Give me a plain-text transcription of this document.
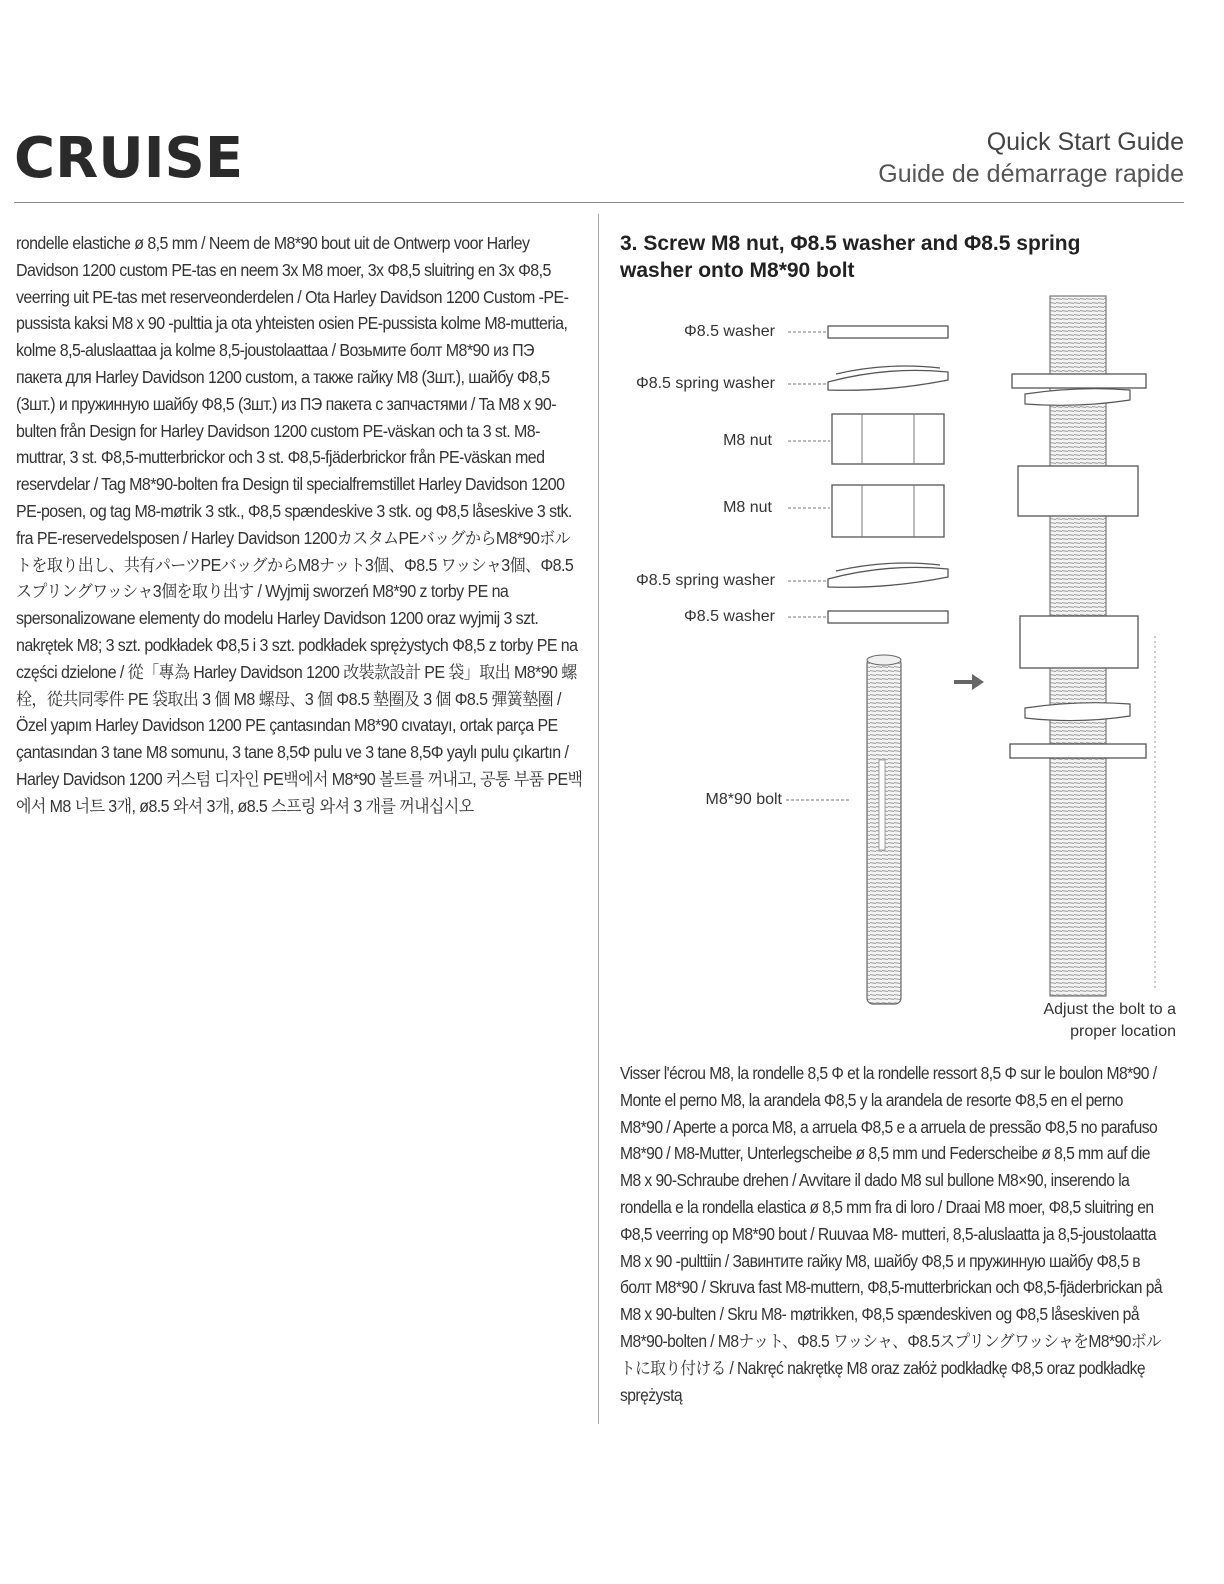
CRUISE	Quick Start Guide
Guide de démarrage rapide
rondelle elastiche ø 8,5 mm / Neem de M8*90 bout uit de Ontwerp voor Harley Davidson 1200 custom PE-tas en neem 3x M8 moer, 3x Φ8,5 sluitring en 3x Φ8,5 veerring uit PE-tas met reserveonderdelen / Ota Harley Davidson 1200 Custom -PE-pussista kaksi M8 x 90 -pulttia ja ota yhteisten osien PE-pussista kolme M8-mutteria, kolme 8,5-aluslaattaa ja kolme 8,5-joustolaattaa / Возьмите болт M8*90 из ПЭ пакета для Harley Davidson 1200 custom, а также гайку M8 (3шт.), шайбу Φ8,5 (3шт.) и пружинную шайбу Φ8,5 (3шт.) из ПЭ пакета с запчастями / Ta M8 x 90-bulten från Design for Harley Davidson 1200 custom PE-väskan och ta 3 st. M8-muttrar, 3 st. Φ8,5-mutterbrickor och 3 st. Φ8,5-fjäderbrickor från PE-väskan med reservdelar / Tag M8*90-bolten fra Design til specialfremstillet Harley Davidson 1200 PE-posen, og tag M8-møtrik 3 stk., Φ8,5 spændeskive 3 stk. og Φ8,5 låseskive 3 stk. fra PE-reservedelsposen / Harley Davidson 1200カスタムPEバッグからM8*90ボルトを取り出し、共有パーツPEバッグからM8ナット3個、Φ8.5 ワッシャ3個、Φ8.5 スプリングワッシャ3個を取り出す / Wyjmij sworzeń M8*90 z torby PE na spersonalizowane elementy do modelu Harley Davidson 1200 oraz wyjmij 3 szt. nakrętek M8; 3 szt. podkładek Φ8,5 i 3 szt. podkładek sprężystych Φ8,5 z torby PE na części dzielone / 從「專為 Harley Davidson 1200 改裝款設計 PE 袋」取出 M8*90 螺栓，從共同零件 PE 袋取出 3 個 M8 螺母、3 個 Φ8.5 墊圈及 3 個 Φ8.5 彈簧墊圈 / Özel yapım Harley Davidson 1200 PE çantasından M8*90 cıvatayı, ortak parça PE çantasından 3 tane M8 somunu, 3 tane 8,5Φ pulu ve 3 tane 8,5Φ yaylı pulu çıkartın / Harley Davidson 1200 커스텀 디자인 PE백에서 M8*90 볼트를 꺼내고, 공통 부품 PE백에서 M8 너트 3개, ø8.5 와셔 3개, ø8.5 스프링 와셔 3 개를 꺼내십시오
3. Screw M8 nut, Φ8.5 washer and Φ8.5 spring washer onto M8*90 bolt
Φ8.5 washer
Φ8.5 spring washer
M8 nut
M8 nut
Φ8.5 spring washer
Φ8.5 washer
M8*90 bolt
Adjust the bolt to a
proper location
Visser l'écrou M8, la rondelle 8,5 Φ et la rondelle ressort 8,5 Φ sur le boulon M8*90 / Monte el perno M8, la arandela Φ8,5 y la arandela de resorte Φ8,5 en el perno M8*90 / Aperte a porca M8, a arruela Φ8,5 e a arruela de pressão Φ8,5 no parafuso M8*90 / M8-Mutter, Unterlegscheibe ø 8,5 mm und Federscheibe ø 8,5 mm auf die M8 x 90-Schraube drehen / Avvitare il dado M8 sul bullone M8×90, inserendo la rondella e la rondella elastica ø 8,5 mm fra di loro / Draai M8 moer, Φ8,5 sluitring en Φ8,5 veerring op M8*90 bout / Ruuvaa M8- mutteri, 8,5-aluslaatta ja 8,5-joustolaatta M8 x 90 -pulttiin / Завинтите гайку M8, шайбу Φ8,5 и пружинную шайбу Φ8,5 в болт M8*90 / Skruva fast M8-muttern, Φ8,5-mutterbrickan och Φ8,5-fjäderbrickan på M8 x 90-bulten / Skru M8- møtrikken, Φ8,5 spændeskiven og Φ8,5 låseskiven på M8*90-bolten / M8ナット、Φ8.5 ワッシャ、Φ8.5スプリングワッシャをM8*90ボルトに取り付ける / Nakręć nakrętkę M8 oraz załóż podkładkę Φ8,5 oraz podkładkę sprężystą
